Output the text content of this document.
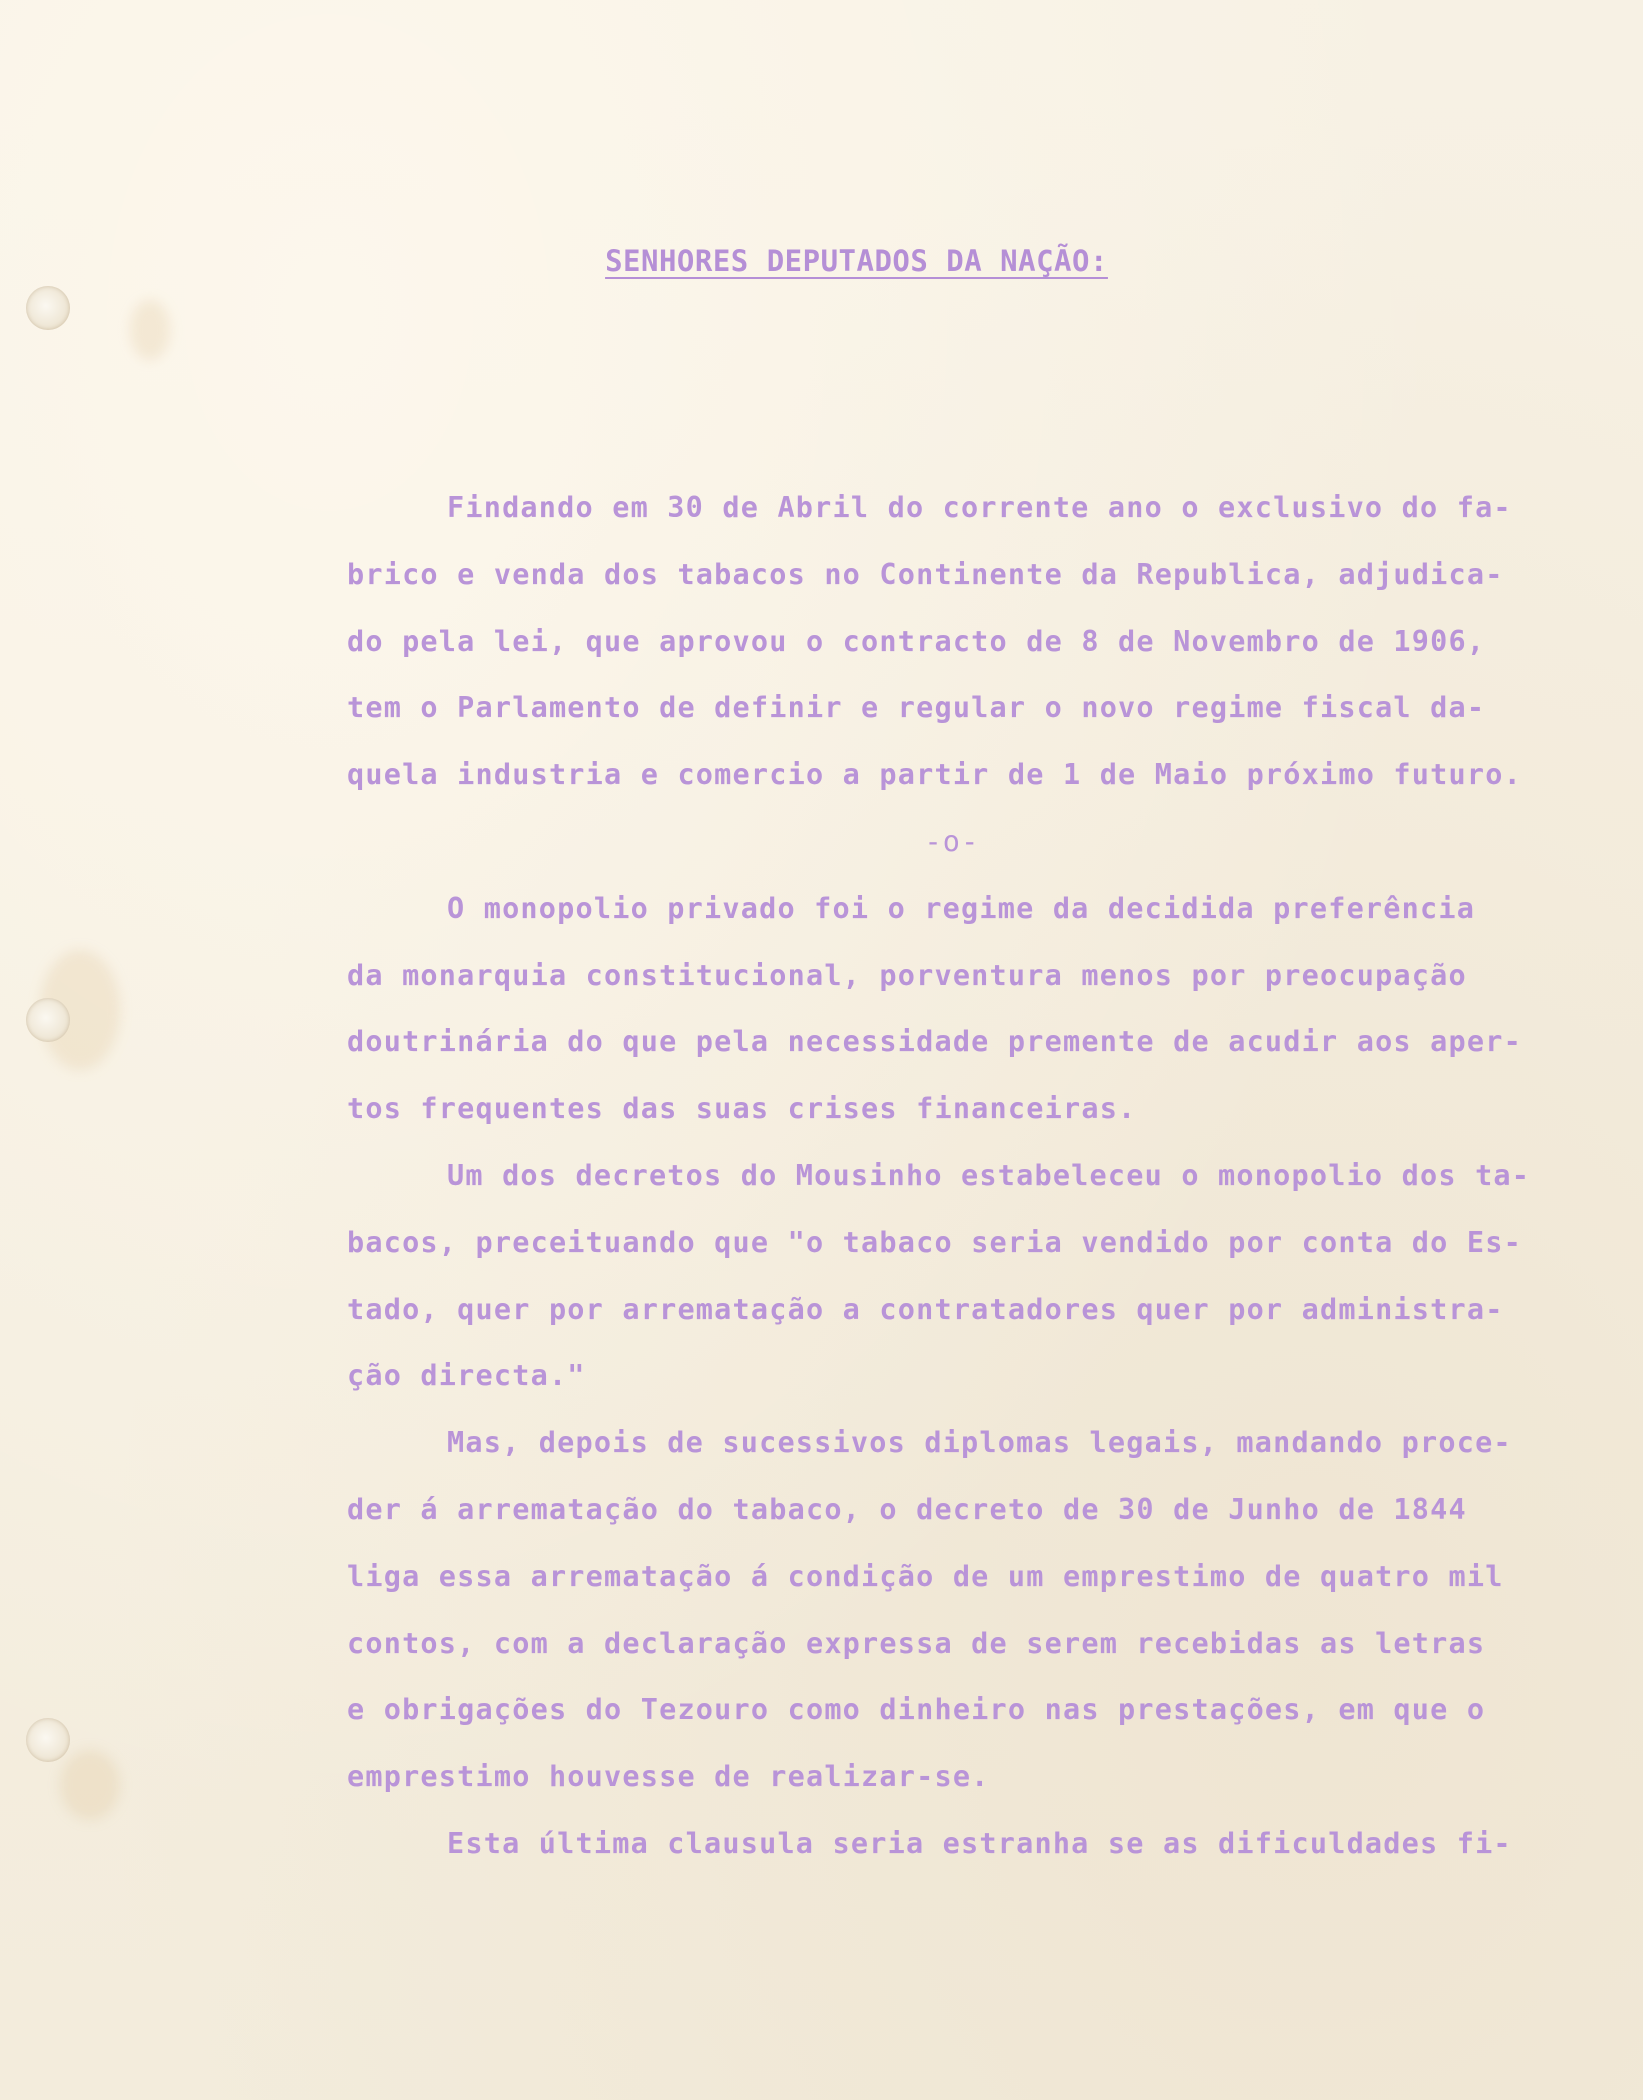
SENHORES DEPUTADOS DA NAÇÃO:
Findando em 30 de Abril do corrente ano o exclusivo do fa-
brico e venda dos tabacos no Continente da Republica, adjudica-
do pela lei, que aprovou o contracto de 8 de Novembro de 1906,
tem o Parlamento de definir e regular o novo regime fiscal da-
quela industria e comercio a partir de 1 de Maio próximo futuro.
-o-
O monopolio privado foi o regime da decidida preferência
da monarquia constitucional, porventura menos por preocupação
doutrinária do que pela necessidade premente de acudir aos aper-
tos frequentes das suas crises financeiras.
Um dos decretos do Mousinho estabeleceu o monopolio dos ta-
bacos, preceituando que "o tabaco seria vendido por conta do Es-
tado, quer por arrematação a contratadores quer por administra-
ção directa."
Mas, depois de sucessivos diplomas legais, mandando proce-
der á arrematação do tabaco, o decreto de 30 de Junho de 1844
liga essa arrematação á condição de um emprestimo de quatro mil
contos, com a declaração expressa de serem recebidas as letras
e obrigações do Tezouro como dinheiro nas prestações, em que o
emprestimo houvesse de realizar-se.
Esta última clausula seria estranha se as dificuldades fi-
